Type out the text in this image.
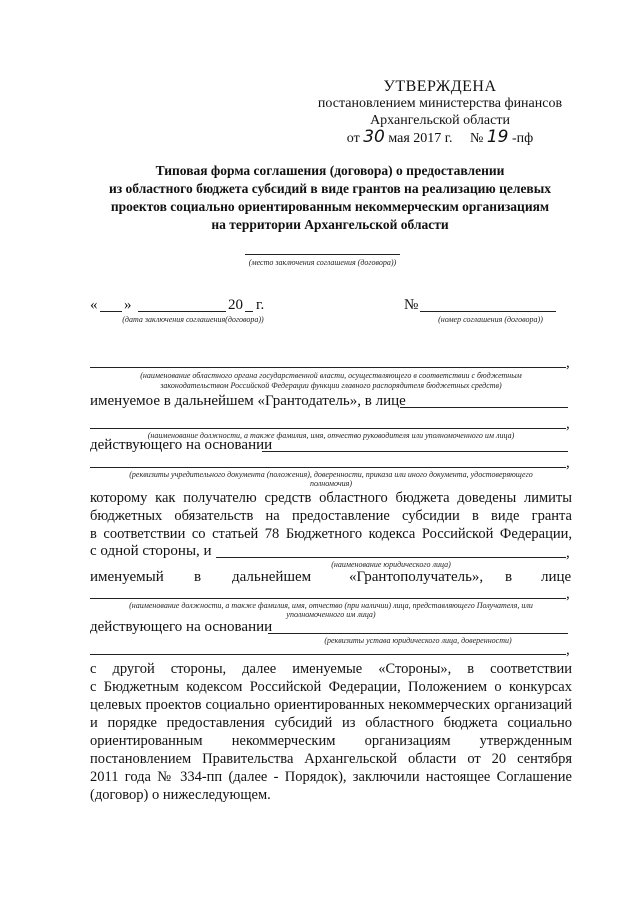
УТВЕРЖДЕНА
постановлением министерства финансов
Архангельской области
от 30 мая 2017 г. № 19 -пф
Типовая форма соглашения (договора) о предоставлении
из областного бюджета субсидий в виде грантов на реализацию целевых
проектов социально ориентированным некоммерческим организациям
на территории Архангельской области
(место заключения соглашения (договора))
« »	20 г.
(дата заключения соглашения(договора))
№
(номер соглашения (договора))
,
(наименование областного органа государственной власти, осуществляющего в соответствии с бюджетным
законодательством Российской Федерации функции главного распорядителя бюджетных средств)
именуемое в дальнейшем «Грантодатель», в лице
,
(наименование должности, а также фамилия, имя, отчество руководителя или уполномоченного им лица)
действующего на основании
,
(реквизиты учредительного документа (положения), доверенности, приказа или иного документа, удостоверяющего
полномочия)
которому как получателю средств областного бюджета доведены лимиты
бюджетных обязательств на предоставление субсидии в виде гранта
в соответствии со статьей 78 Бюджетного кодекса Российской Федерации,
с одной стороны, и	,
(наименование юридического лица)
именуемый в дальнейшем	«Грантополучатель», в лице
,
(наименование должности, а также фамилия, имя, отчество (при наличии) лица, представляющего Получателя, или
уполномоченного им лица)
действующего на основании
(реквизиты устава юридического лица, доверенности)
,
с другой стороны, далее именуемые «Стороны», в соответствии
с Бюджетным кодексом Российской Федерации, Положением о конкурсах
целевых проектов социально ориентированных некоммерческих организаций
и порядке предоставления субсидий из областного бюджета социально
ориентированным некоммерческим организациям утвержденным
постановлением Правительства Архангельской области от 20 сентября
2011 года № 334-пп (далее - Порядок), заключили настоящее Соглашение
(договор) о нижеследующем.
